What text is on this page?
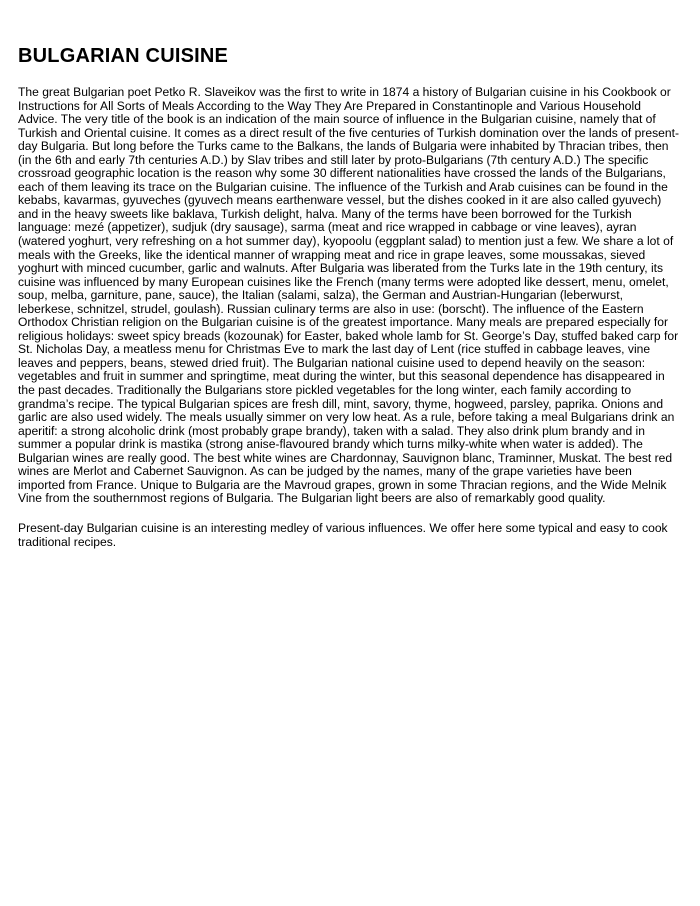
BULGARIAN CUISINE

The great Bulgarian poet Petko R. Slaveikov was the first to write in 1874 a history of Bulgarian cuisine in his Cookbook or Instructions for All Sorts of Meals According to the Way They Are Prepared in Constantinople and Various Household Advice. The very title of the book is an indication of the main source of influence in the Bulgarian cuisine, namely that of Turkish and Oriental cuisine. It comes as a direct result of the five centuries of Turkish domination over the lands of present-day Bulgaria. But long before the Turks came to the Balkans, the lands of Bulgaria were inhabited by Thracian tribes, then (in the 6th and early 7th centuries A.D.) by Slav tribes and still later by proto-Bulgarians (7th century A.D.) The specific crossroad geographic location is the reason why some 30 different nationalities have crossed the lands of the Bulgarians, each of them leaving its trace on the Bulgarian cuisine. The influence of the Turkish and Arab cuisines can be found in the kebabs, kavarmas, gyuveches (gyuvech means earthenware vessel, but the dishes cooked in it are also called gyuvech) and in the heavy sweets like baklava, Turkish delight, halva. Many of the terms have been borrowed for the Turkish language: mezé (appetizer), sudjuk (dry sausage), sarma (meat and rice wrapped in cabbage or vine leaves), ayran (watered yoghurt, very refreshing on a hot summer day), kyopoolu (eggplant salad) to mention just a few. We share a lot of meals with the Greeks, like the identical manner of wrapping meat and rice in grape leaves, some moussakas, sieved yoghurt with minced cucumber, garlic and walnuts. After Bulgaria was liberated from the Turks late in the 19th century, its cuisine was influenced by many European cuisines like the French (many terms were adopted like dessert, menu, omelet, soup, melba, garniture, pane, sauce), the Italian (salami, salza), the German and Austrian-Hungarian (leberwurst, leberkese, schnitzel, strudel, goulash). Russian culinary terms are also in use: (borscht). The influence of the Eastern Orthodox Christian religion on the Bulgarian cuisine is of the greatest importance. Many meals are prepared especially for religious holidays: sweet spicy breads (kozounak) for Easter, baked whole lamb for St. George’s Day, stuffed baked carp for St. Nicholas Day, a meatless menu for Christmas Eve to mark the last day of Lent (rice stuffed in cabbage leaves, vine leaves and peppers, beans, stewed dried fruit). The Bulgarian national cuisine used to depend heavily on the season: vegetables and fruit in summer and springtime, meat during the winter, but this seasonal dependence has disappeared in the past decades. Traditionally the Bulgarians store pickled vegetables for the long winter, each family according to grandma’s recipe. The typical Bulgarian spices are fresh dill, mint, savory, thyme, hogweed, parsley, paprika. Onions and garlic are also used widely. The meals usually simmer on very low heat. As a rule, before taking a meal Bulgarians drink an aperitif: a strong alcoholic drink (most probably grape brandy), taken with a salad. They also drink plum brandy and in summer a popular drink is mastika (strong anise-flavoured brandy which turns milky-white when water is added). The Bulgarian wines are really good. The best white wines are Chardonnay, Sauvignon blanc, Traminner, Muskat. The best red wines are Merlot and Cabernet Sauvignon. As can be judged by the names, many of the grape varieties have been imported from France. Unique to Bulgaria are the Mavroud grapes, grown in some Thracian regions, and the Wide Melnik Vine from the southernmost regions of Bulgaria. The Bulgarian light beers are also of remarkably good quality.

Present-day Bulgarian cuisine is an interesting medley of various influences. We offer here some typical and easy to cook traditional recipes.
